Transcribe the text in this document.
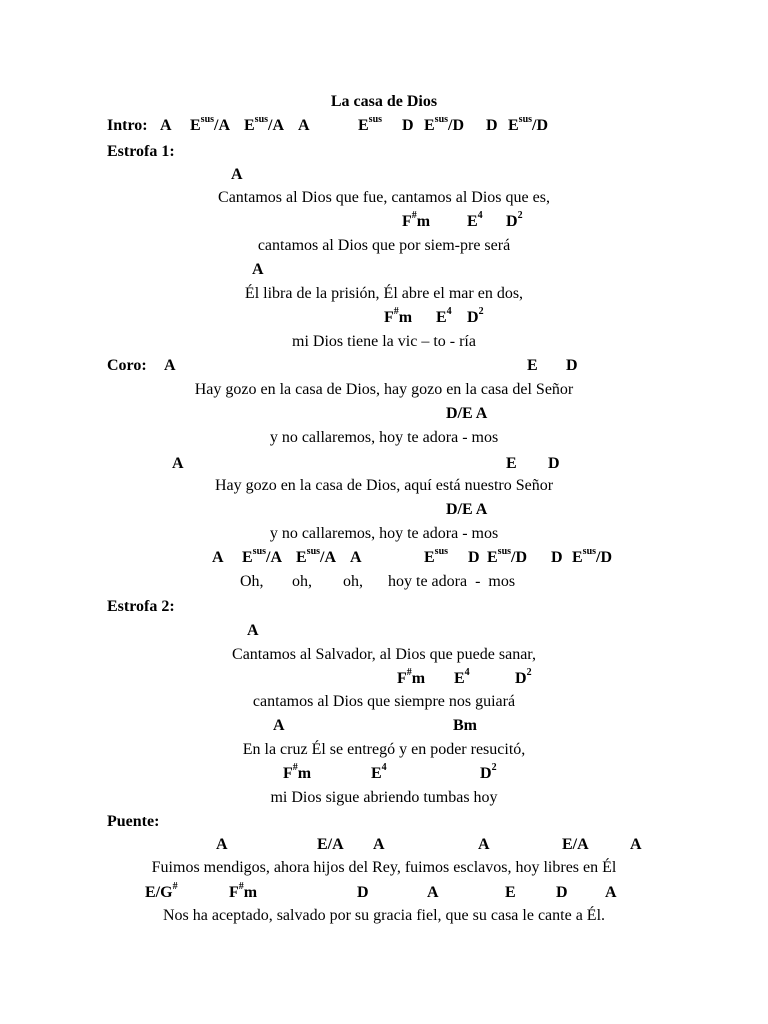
La casa de Dios
Intro: A $E^{sus}/A$ $E^{sus}/A$ A	$E^{sus}$ D $E^{sus}/D$ D $E^{sus}/D$
Estrofa 1:
A
Cantamos al Dios que fue, cantamos al Dios que es,
F#m $E^4$ $D^2$
cantamos al Dios que por siem-pre será
A
Él libra de la prisión, Él abre el mar en dos,
F#m $E^4$ $D^2$
mi Dios tiene la vic – to - ría
Coro: A	E D
Hay gozo en la casa de Dios, hay gozo en la casa del Señor
D/E A
y no callaremos, hoy te adora - mos
A	E D
Hay gozo en la casa de Dios, aquí está nuestro Señor
D/E A
y no callaremos, hoy te adora - mos
A $E^{sus}/A$ $E^{sus}/A$ A	$E^{sus}$ D $E^{sus}/D$ D $E^{sus}/D$
Oh, oh, oh, hoy te adora  -  mos
Estrofa 2:
A
Cantamos al Salvador, al Dios que puede sanar,
F#m $E^4$	$D^2$
cantamos al Dios que siempre nos guiará
A	Bm
En la cruz Él se entregó y en poder resucitó,
F#m	$E^4$	$D^2$
mi Dios sigue abriendo tumbas hoy
Puente:
A	E/A A	A	E/A	A
Fuimos mendigos, ahora hijos del Rey, fuimos esclavos, hoy libres en Él
E/G#	F#m	D	A	E	D A
Nos ha aceptado, salvado por su gracia fiel, que su casa le cante a Él.
